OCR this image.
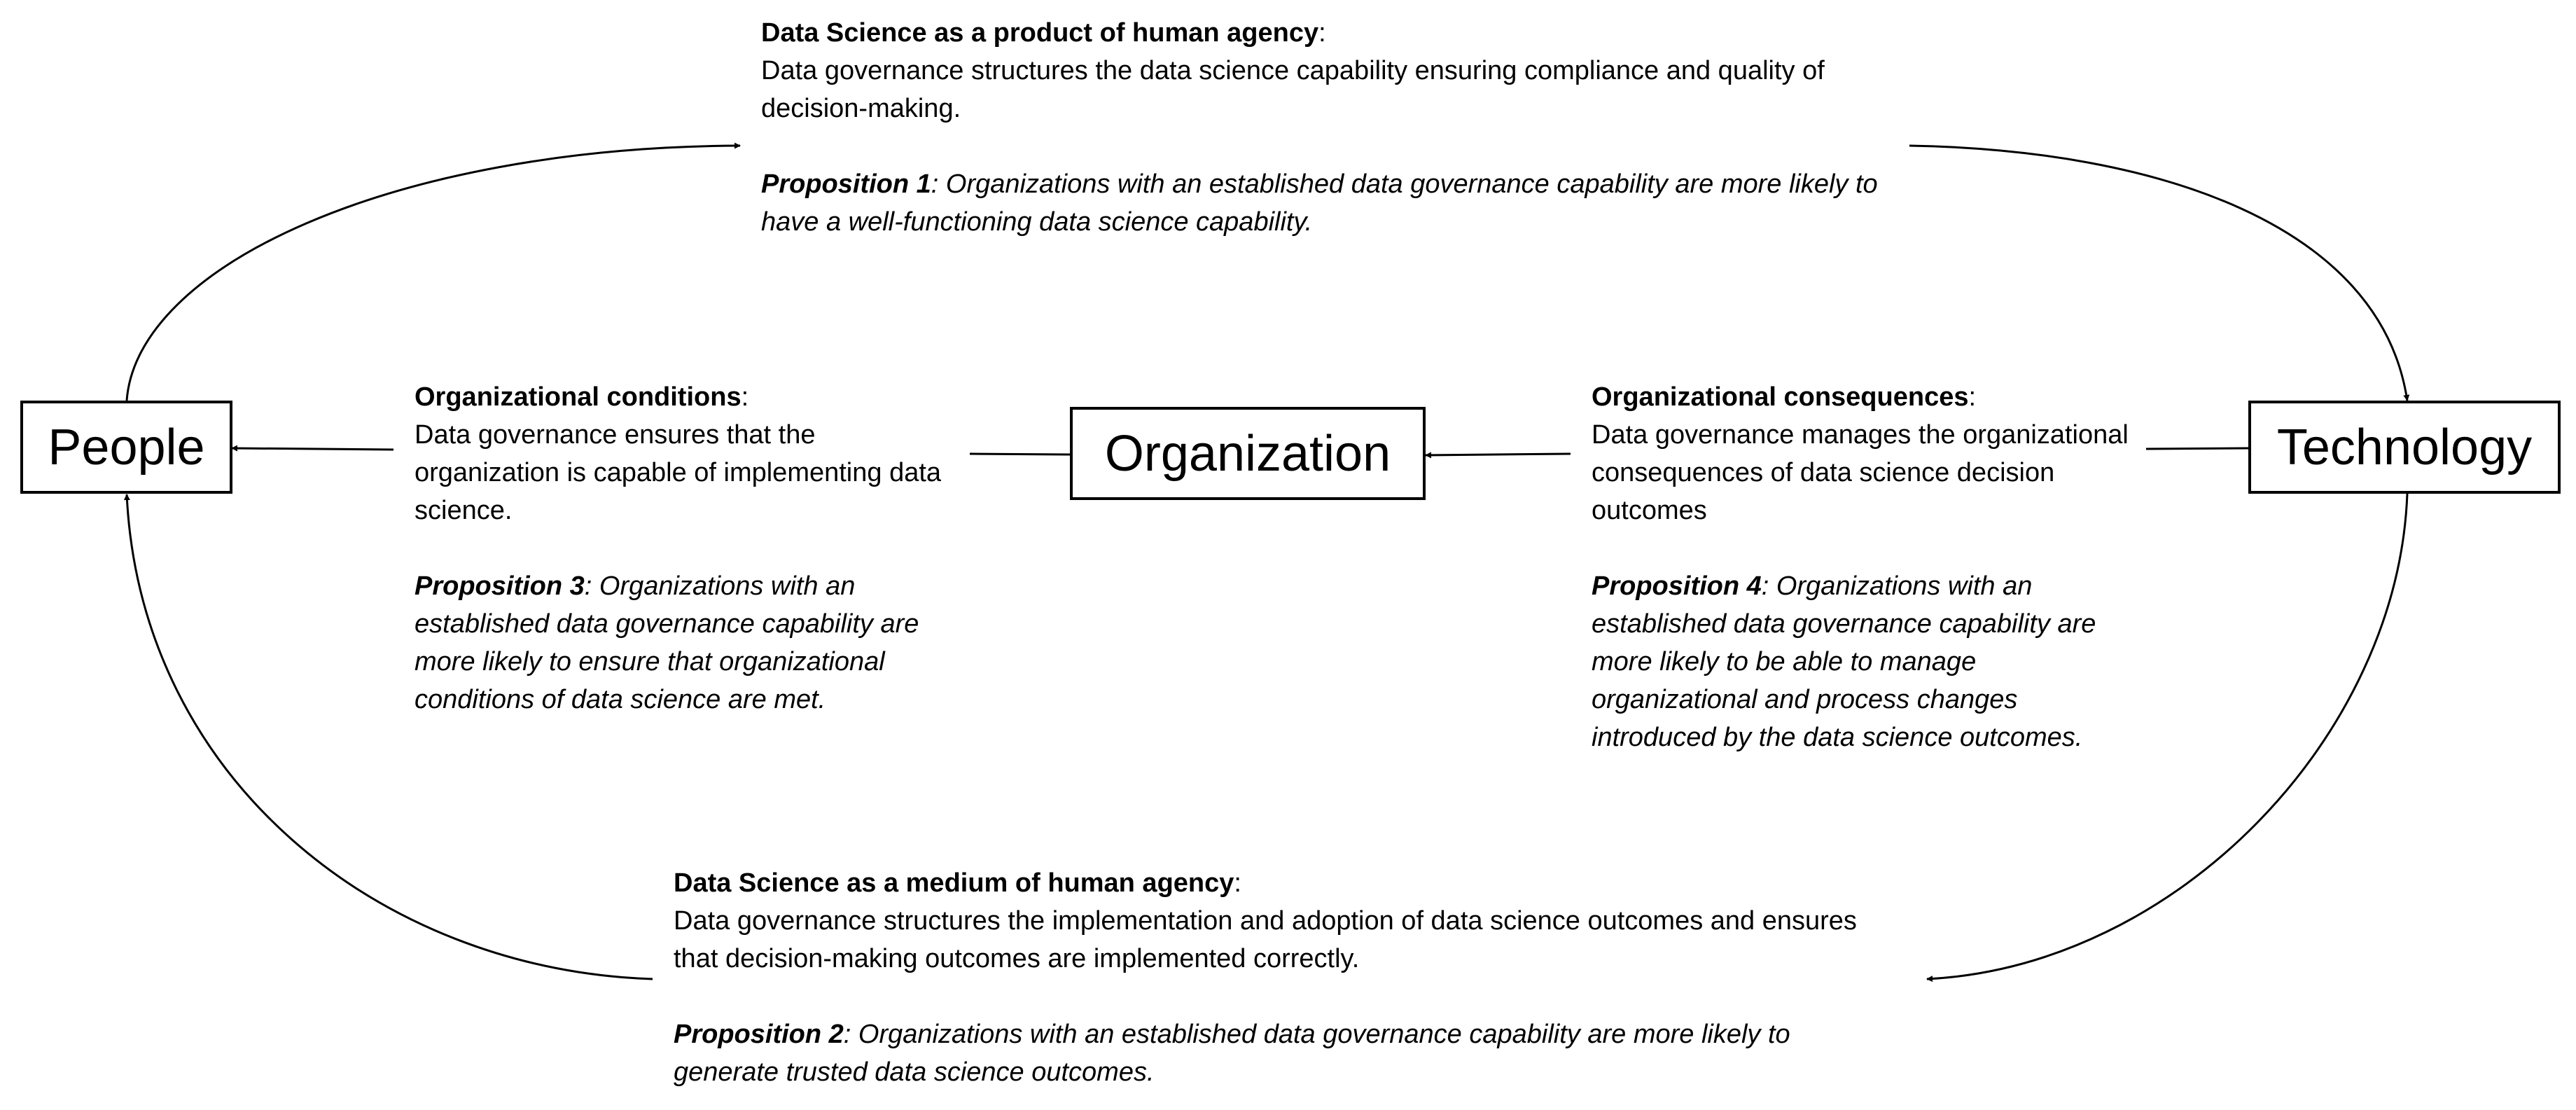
People	Organization	Technology

Data Science as a product of human agency:

Data governance structures the data science capability ensuring compliance and quality of decision-making.

Proposition 1: Organizations with an established data governance capability are more likely to have a well-functioning data science capability.

Organizational conditions:

Data governance ensures that the organization is capable of implementing data science.

Proposition 3: Organizations with an established data governance capability are more likely to ensure that organizational conditions of data science are met.

Organizational consequences:

Data governance manages the organizational consequences of data science decision outcomes

Proposition 4: Organizations with an established data governance capability are more likely to be able to manage organizational and process changes introduced by the data science outcomes.

Data Science as a medium of human agency:

Data governance structures the implementation and adoption of data science outcomes and ensures that decision-making outcomes are implemented correctly.

Proposition 2: Organizations with an established data governance capability are more likely to generate trusted data science outcomes.
